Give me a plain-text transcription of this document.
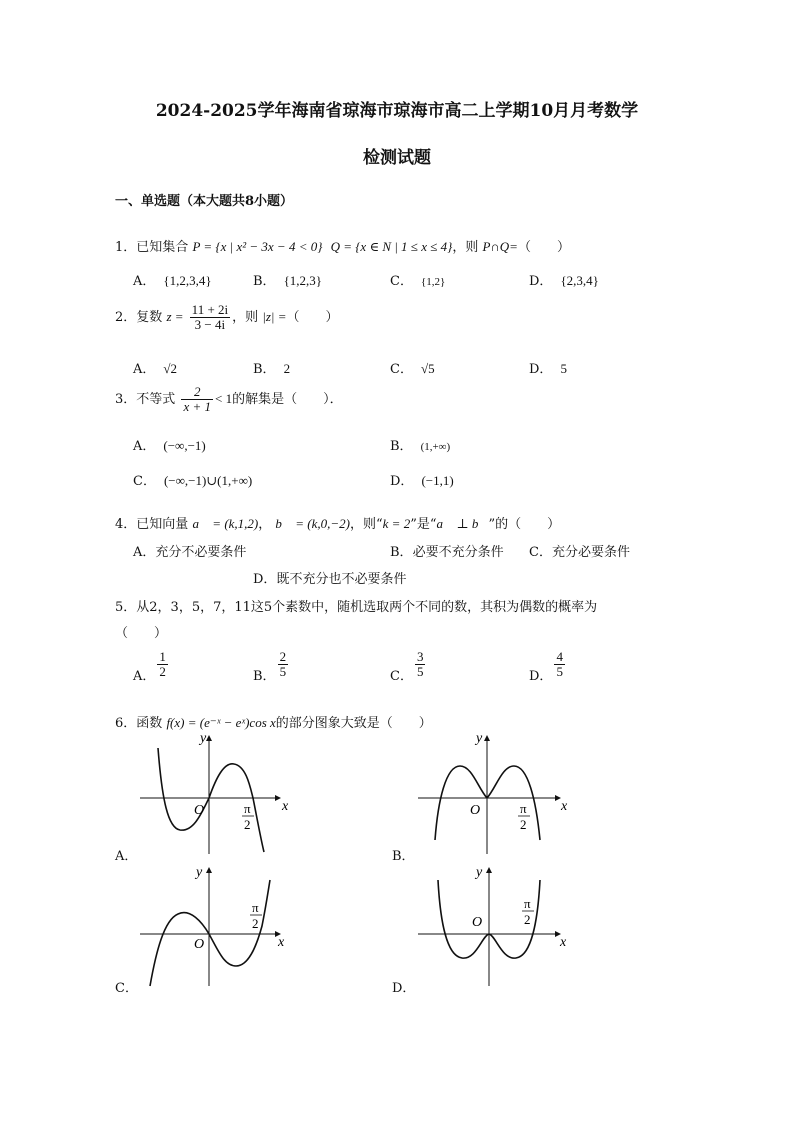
2024-2025学年海南省琼海市琼海市高二上学期10月月考数学
检测试题
一、单选题（本大题共8小题）
1．已知集合 P = {x | x² − 3x − 4 < 0} Q = {x ∈ N | 1 ≤ x ≤ 4}，则 P∩Q=（　　）
A． {1,2,3,4}	B． {1,2,3}	C． {1,2}	D． {2,3,4}
2．复数 $z = \frac{11 + 2i}{3 - 4i}$ ，则 |z| =（　　）
A． √2	B． 2	C． √5	D． 5
3．不等式 $\frac{2}{x + 1} < 1$的解集是（　　）．
A． (−∞,−1)	B． (1,+∞)
C． (−∞,−1)∪(1,+∞)	D． (−1,1)
4．已知向量 a⃗ = (k,1,2)， b⃗ = (k,0,−2)，则“k = 2”是“a⃗ ⊥ b⃗”的（　　）
A．充分不必要条件	B．必要不充分条件 C．充分必要条件
D．既不充分也不必要条件
5．从2，3，5，7，11这5个素数中，随机选取两个不同的数，其积为偶数的概率为
（　　）
A． $\frac{1}{2}$	B． $\frac{2}{5}$	C． $\frac{3}{5}$	D． $\frac{4}{5}$
6．函数 f(x) = (e⁻ˣ − eˣ)cos x的部分图象大致是（　　）
y
x
O	π
2
A．
y
x
O	π
2
B．
y
x
O
π
2
C．
y
x
O
π
2
D．
